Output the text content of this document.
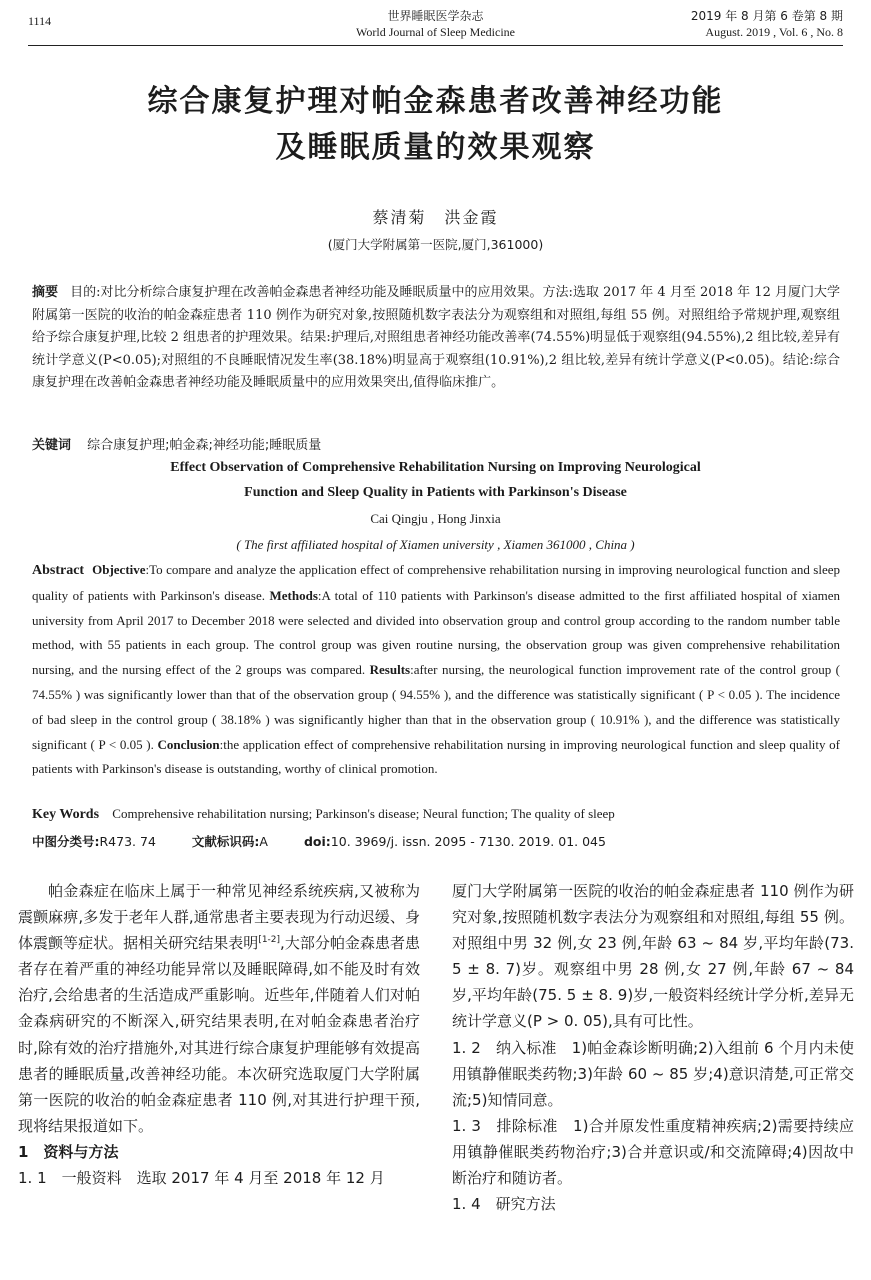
1114	世界睡眠医学杂志
World Journal of Sleep Medicine
2019 年 8 月第 6 卷第 8 期
August. 2019 , Vol. 6 , No. 8
综合康复护理对帕金森患者改善神经功能
及睡眠质量的效果观察
蔡清菊　洪金霞
(厦门大学附属第一医院,厦门,361000)
摘要 目的:对比分析综合康复护理在改善帕金森患者神经功能及睡眠质量中的应用效果。方法:选取 2017 年 4 月至 2018 年 12 月厦门大学附属第一医院的收治的帕金森症患者 110 例作为研究对象,按照随机数字表法分为观察组和对照组,每组 55 例。对照组给予常规护理,观察组给予综合康复护理,比较 2 组患者的护理效果。结果:护理后,对照组患者神经功能改善率(74.55%)明显低于观察组(94.55%),2 组比较,差异有统计学意义(P<0.05);对照组的不良睡眠情况发生率(38.18%)明显高于观察组(10.91%),2 组比较,差异有统计学意义(P<0.05)。结论:综合康复护理在改善帕金森患者神经功能及睡眠质量中的应用效果突出,值得临床推广。
关键词 综合康复护理;帕金森;神经功能;睡眠质量
Effect Observation of Comprehensive Rehabilitation Nursing on Improving Neurological
Function and Sleep Quality in Patients with Parkinson's Disease
Cai Qingju , Hong Jinxia
( The first affiliated hospital of Xiamen university , Xiamen 361000 , China )
Abstract Objective:To compare and analyze the application effect of comprehensive rehabilitation nursing in improving neurological function and sleep quality of patients with Parkinson's disease. Methods:A total of 110 patients with Parkinson's disease admitted to the first affiliated hospital of xiamen university from April 2017 to December 2018 were selected and divided into observation group and control group according to the random number table method, with 55 patients in each group. The control group was given routine nursing, the observation group was given comprehensive rehabilitation nursing, and the nursing effect of the 2 groups was compared. Results:after nursing, the neurological function improvement rate of the control group ( 74.55% ) was significantly lower than that of the observation group ( 94.55% ), and the difference was statistically significant ( P < 0.05 ). The incidence of bad sleep in the control group ( 38.18% ) was significantly higher than that in the observation group ( 10.91% ), and the difference was statistically significant ( P < 0.05 ). Conclusion:the application effect of comprehensive rehabilitation nursing in improving neurological function and sleep quality of patients with Parkinson's disease is outstanding, worthy of clinical promotion.
Key Words Comprehensive rehabilitation nursing; Parkinson's disease; Neural function; The quality of sleep
中图分类号:R473. 74	文献标识码:A	doi:10. 3969/j. issn. 2095 - 7130. 2019. 01. 045

帕金森症在临床上属于一种常见神经系统疾病,又被称为震颤麻痹,多发于老年人群,通常患者主要表现为行动迟缓、身体震颤等症状。据相关研究结果表明[1-2],大部分帕金森患者患者存在着严重的神经功能异常以及睡眠障碍,如不能及时有效治疗,会给患者的生活造成严重影响。近些年,伴随着人们对帕金森病研究的不断深入,研究结果表明,在对帕金森患者治疗时,除有效的治疗措施外,对其进行综合康复护理能够有效提高患者的睡眠质量,改善神经功能。本次研究选取厦门大学附属第一医院的收治的帕金森症患者 110 例,对其进行护理干预,现将结果报道如下。

1　资料与方法

1. 1　一般资料　选取 2017 年 4 月至 2018 年 12 月

厦门大学附属第一医院的收治的帕金森症患者 110 例作为研究对象,按照随机数字表法分为观察组和对照组,每组 55 例。对照组中男 32 例,女 23 例,年龄 63 ~ 84 岁,平均年龄(73. 5 ± 8. 7)岁。观察组中男 28 例,女 27 例,年龄 67 ~ 84 岁,平均年龄(75. 5 ± 8. 9)岁,一般资料经统计学分析,差异无统计学意义(P > 0. 05),具有可比性。

1. 2　纳入标准　1)帕金森诊断明确;2)入组前 6 个月内未使用镇静催眠类药物;3)年龄 60 ~ 85 岁;4)意识清楚,可正常交流;5)知情同意。

1. 3　排除标准　1)合并原发性重度精神疾病;2)需要持续应用镇静催眠类药物治疗;3)合并意识或/和交流障碍;4)因故中断治疗和随访者。

1. 4　研究方法
